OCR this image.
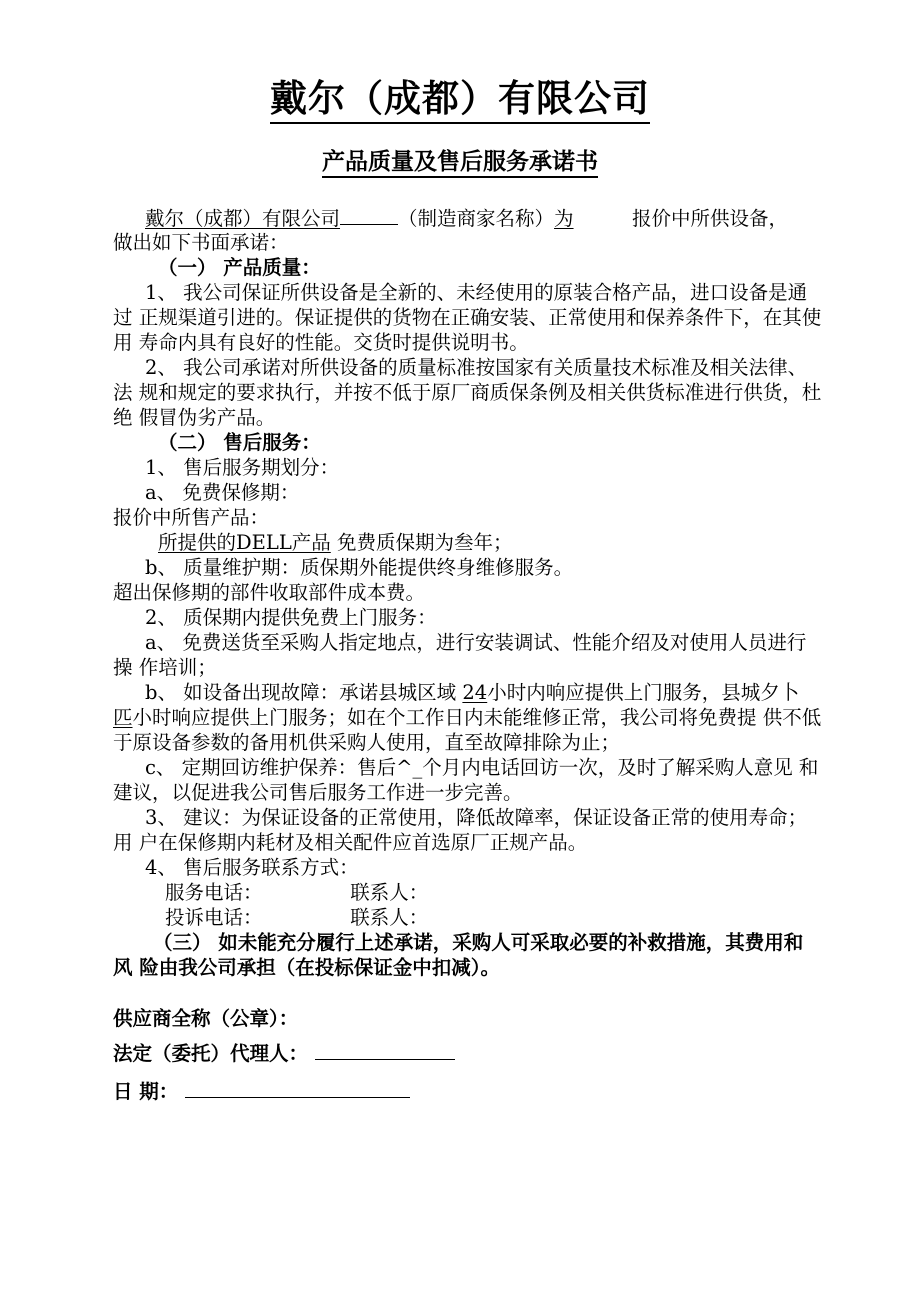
戴尔（成都）有限公司
产品质量及售后服务承诺书
戴尔（成都）有限公司	（制造商家名称）为　　　报价中所供设备，
做出如下书面承诺：
（一） 产品质量：
1、 我公司保证所供设备是全新的、未经使用的原装合格产品，进口设备是通
过 正规渠道引进的。保证提供的货物在正确安装、正常使用和保养条件下，在其使
用 寿命内具有良好的性能。交货时提供说明书。
2、 我公司承诺对所供设备的质量标准按国家有关质量技术标准及相关法律、
法 规和规定的要求执行，并按不低于原厂商质保条例及相关供货标准进行供货，杜
绝 假冒伪劣产品。
（二） 售后服务：
1、 售后服务期划分：
a、 免费保修期：
报价中所售产品：
所提供的DELL产品 免费质保期为叁年；
b、 质量维护期：质保期外能提供终身维修服务。
超出保修期的部件收取部件成本费。
2、 质保期内提供免费上门服务：
a、 免费送货至采购人指定地点，进行安装调试、性能介绍及对使用人员进行
操 作培训；
b、 如设备出现故障：承诺县城区域 24小时内响应提供上门服务，县城夕卜
匹小时响应提供上门服务；如在个工作日内未能维修正常，我公司将免费提 供不低
于原设备参数的备用机供采购人使用，直至故障排除为止；
c、 定期回访维护保养：售后^_个月内电话回访一次，及时了解采购人意见 和
建议，以促进我公司售后服务工作进一步完善。
3、 建议：为保证设备的正常使用，降低故障率，保证设备正常的使用寿命；
用 户在保修期内耗材及相关配件应首选原厂正规产品。
4、 售后服务联系方式：
服务电话：　　　　　联系人：
投诉电话：　　　　　联系人：
（三） 如未能充分履行上述承诺，采购人可采取必要的补救措施，其费用和
风 险由我公司承担（在投标保证金中扣减）。
供应商全称（公章）：
法定（委托）代理人：
日 期：
